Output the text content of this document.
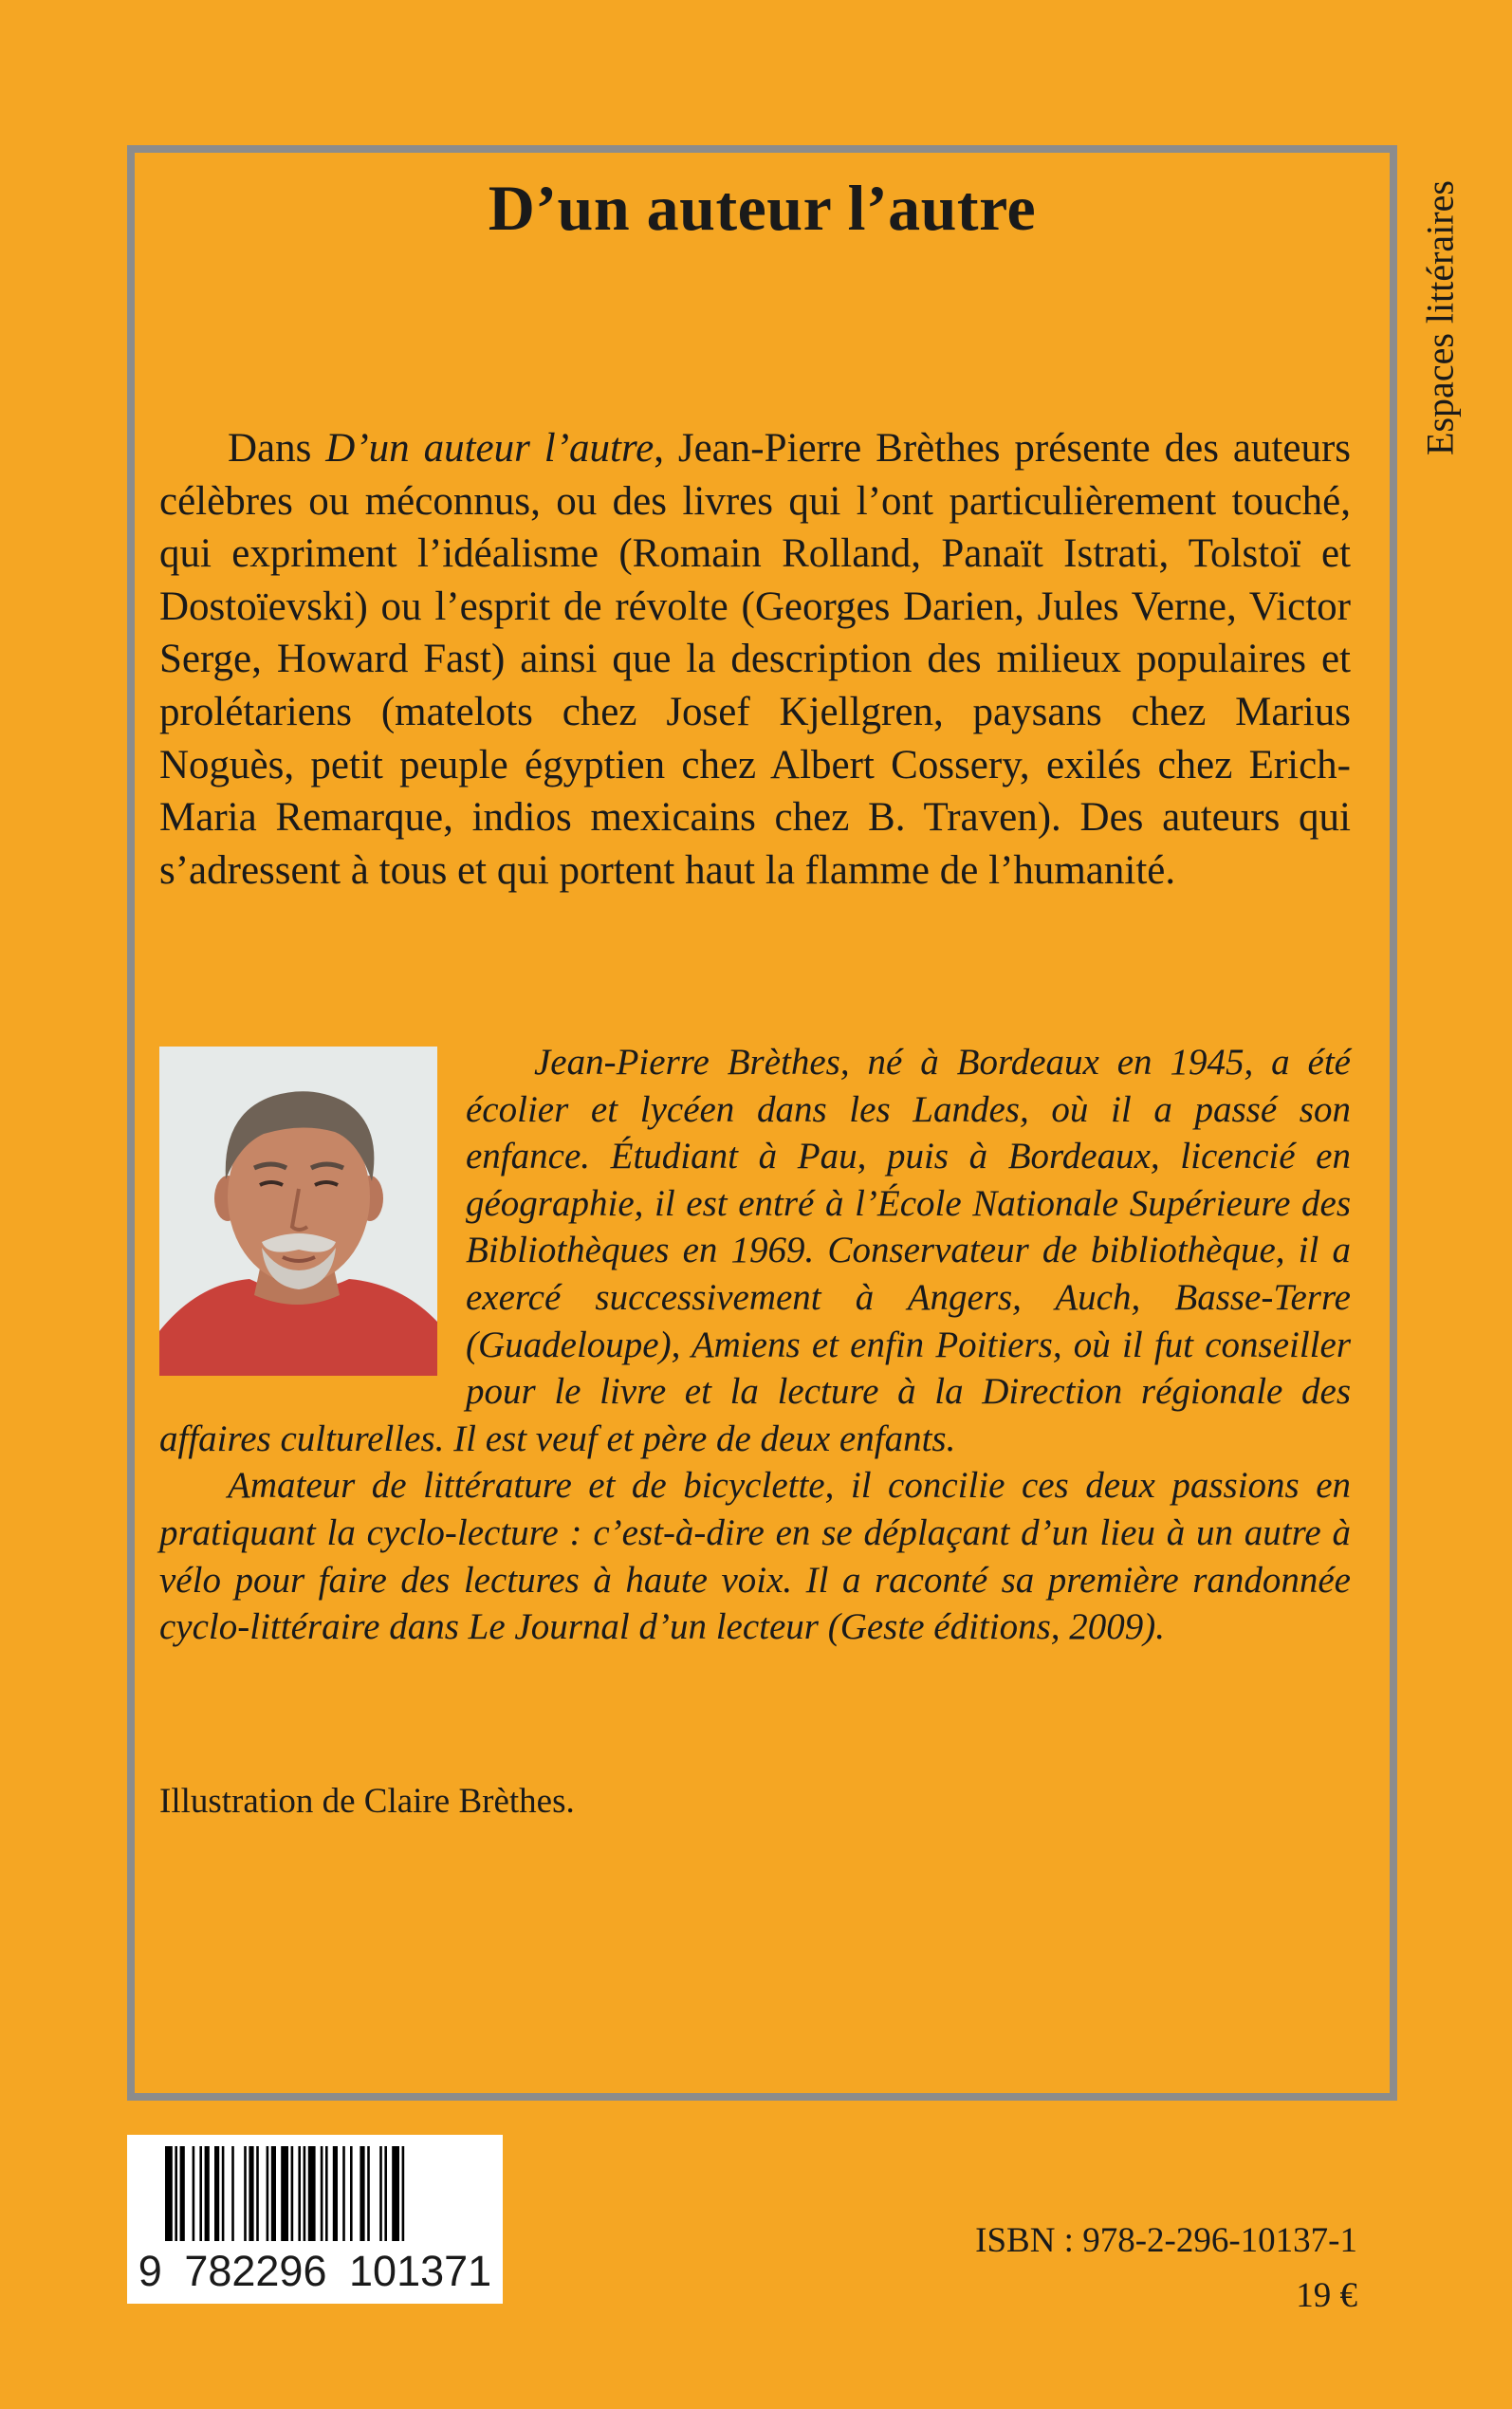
D’un auteur l’autre	Espaces littéraires

Dans D’un auteur l’autre, Jean-Pierre Brèthes présente des auteurs célèbres ou méconnus, ou des livres qui l’ont particulièrement touché, qui expriment l’idéalisme (Romain Rolland, Panaït Istrati, Tolstoï et Dostoïevski) ou l’esprit de révolte (Georges Darien, Jules Verne, Victor Serge, Howard Fast) ainsi que la description des milieux populaires et prolétariens (matelots chez Josef Kjellgren, paysans chez Marius Noguès, petit peuple égyptien chez Albert Cossery, exilés chez Erich-Maria Remarque, indios mexicains chez B. Traven). Des auteurs qui s’adressent à tous et qui portent haut la flamme de l’humanité.

Jean-Pierre Brèthes, né à Bordeaux en 1945, a été écolier et lycéen dans les Landes, où il a passé son enfance. Étudiant à Pau, puis à Bordeaux, licencié en géographie, il est entré à l’École Nationale Supérieure des Bibliothèques en 1969. Conservateur de bibliothèque, il a exercé successivement à Angers, Auch, Basse-Terre (Guadeloupe), Amiens et enfin Poitiers, où il fut conseiller pour le livre et la lecture à la Direction régionale des affaires culturelles. Il est veuf et père de deux enfants.

Amateur de littérature et de bicyclette, il concilie ces deux passions en pratiquant la cyclo-lecture : c’est-à-dire en se déplaçant d’un lieu à un autre à vélo pour faire des lectures à haute voix. Il a raconté sa première randonnée cyclo-littéraire dans Le Journal d’un lecteur (Geste éditions, 2009).

Illustration de Claire Brèthes.

9 782296 101371

ISBN : 978-2-296-10137-1

19 €
